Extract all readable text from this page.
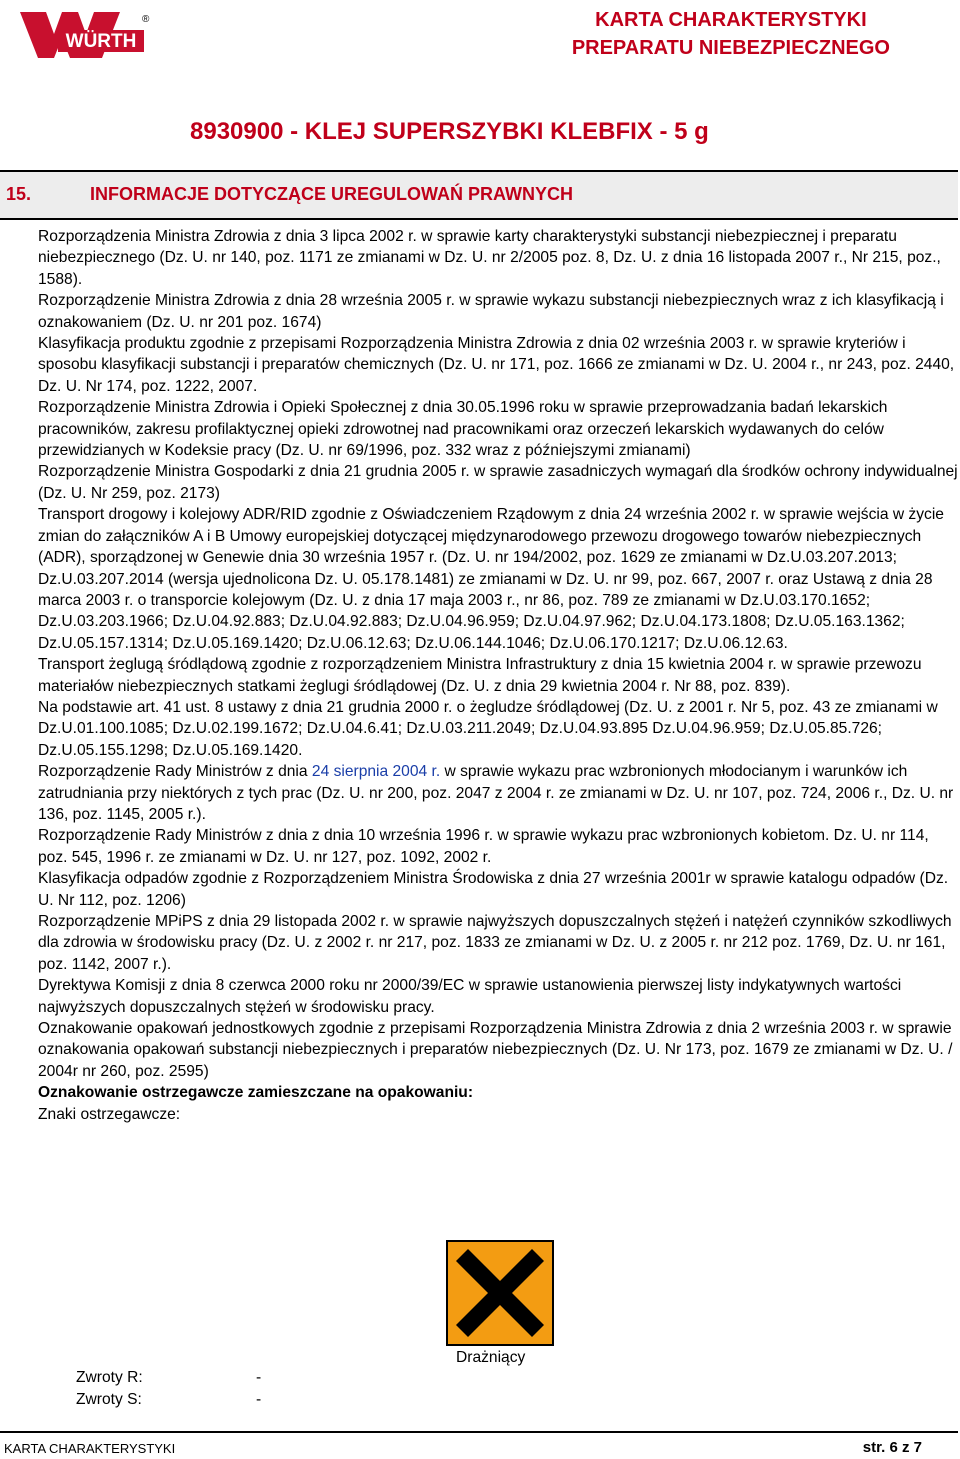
WÜRTH
®	KARTA CHARAKTERYSTYKI
PREPARATU NIEBEZPIECZNEGO
8930900 - KLEJ SUPERSZYBKI KLEBFIX - 5 g
15.	INFORMACJE DOTYCZĄCE UREGULOWAŃ PRAWNYCH

Rozporządzenia Ministra Zdrowia z dnia 3 lipca 2002 r. w sprawie karty charakterystyki substancji niebezpiecznej i preparatu niebezpiecznego (Dz. U. nr 140, poz. 1171 ze zmianami w Dz. U. nr 2/2005 poz. 8, Dz. U. z dnia 16 listopada 2007 r., Nr 215, poz., 1588).

Rozporządzenie Ministra Zdrowia z dnia 28 września 2005 r. w sprawie wykazu substancji niebezpiecznych wraz z ich klasyfikacją i oznakowaniem (Dz. U. nr 201 poz. 1674)

Klasyfikacja produktu zgodnie z przepisami Rozporządzenia Ministra Zdrowia z dnia 02 września 2003 r. w sprawie kryteriów i sposobu klasyfikacji substancji i preparatów chemicznych (Dz. U. nr 171, poz. 1666 ze zmianami w Dz. U. 2004 r., nr 243, poz. 2440, Dz. U. Nr 174, poz. 1222, 2007.

Rozporządzenie Ministra Zdrowia i Opieki Społecznej z dnia 30.05.1996 roku w sprawie przeprowadzania badań lekarskich pracowników, zakresu profilaktycznej opieki zdrowotnej nad pracownikami oraz orzeczeń lekarskich wydawanych do celów przewidzianych w Kodeksie pracy (Dz. U. nr 69/1996, poz. 332 wraz z późniejszymi zmianami)

Rozporządzenie Ministra Gospodarki z dnia 21 grudnia 2005 r. w sprawie zasadniczych wymagań dla środków ochrony indywidualnej (Dz. U. Nr 259, poz. 2173)

Transport drogowy i kolejowy ADR/RID zgodnie z Oświadczeniem Rządowym z dnia 24 września 2002 r. w sprawie wejścia w życie zmian do załączników A i B Umowy europejskiej dotyczącej międzynarodowego przewozu drogowego towarów niebezpiecznych (ADR), sporządzonej w Genewie dnia 30 września 1957 r. (Dz. U. nr 194/2002, poz. 1629 ze zmianami w Dz.U.03.207.2013; Dz.U.03.207.2014 (wersja ujednolicona Dz. U. 05.178.1481) ze zmianami w Dz. U. nr 99, poz. 667, 2007 r. oraz Ustawą z dnia 28 marca 2003 r. o transporcie kolejowym (Dz. U. z dnia 17 maja 2003 r., nr 86, poz. 789 ze zmianami w Dz.U.03.170.1652; Dz.U.03.203.1966; Dz.U.04.92.883; Dz.U.04.92.883; Dz.U.04.96.959; Dz.U.04.97.962; Dz.U.04.173.1808; Dz.U.05.163.1362; Dz.U.05.157.1314; Dz.U.05.169.1420; Dz.U.06.12.63; Dz.U.06.144.1046; Dz.U.06.170.1217; Dz.U.06.12.63.

Transport żeglugą śródlądową zgodnie z rozporządzeniem Ministra Infrastruktury z dnia 15 kwietnia 2004 r. w sprawie przewozu materiałów niebezpiecznych statkami żeglugi śródlądowej (Dz. U. z dnia 29 kwietnia 2004 r. Nr 88, poz. 839).

Na podstawie art. 41 ust. 8 ustawy z dnia 21 grudnia 2000 r. o żegludze śródlądowej (Dz. U. z 2001 r. Nr 5, poz. 43 ze zmianami w Dz.U.01.100.1085; Dz.U.02.199.1672; Dz.U.04.6.41; Dz.U.03.211.2049; Dz.U.04.93.895 Dz.U.04.96.959; Dz.U.05.85.726; Dz.U.05.155.1298; Dz.U.05.169.1420.

Rozporządzenie Rady Ministrów z dnia 24 sierpnia 2004 r. w sprawie wykazu prac wzbronionych młodocianym i warunków ich zatrudniania przy niektórych z tych prac (Dz. U. nr 200, poz. 2047 z 2004 r. ze zmianami w Dz. U. nr 107, poz. 724, 2006 r., Dz. U. nr 136, poz. 1145, 2005 r.).

Rozporządzenie Rady Ministrów z dnia z dnia 10 września 1996 r. w sprawie wykazu prac wzbronionych kobietom. Dz. U. nr 114, poz. 545, 1996 r. ze zmianami w Dz. U. nr 127, poz. 1092, 2002 r.

Klasyfikacja odpadów zgodnie z Rozporządzeniem Ministra Środowiska z dnia 27 września 2001r w sprawie katalogu odpadów (Dz. U. Nr 112, poz. 1206)

Rozporządzenie MPiPS z dnia 29 listopada 2002 r. w sprawie najwyższych dopuszczalnych stężeń i natężeń czynników szkodliwych dla zdrowia w środowisku pracy (Dz. U. z 2002 r. nr 217, poz. 1833 ze zmianami w Dz. U. z 2005 r. nr 212 poz. 1769, Dz. U. nr 161, poz. 1142, 2007 r.).

Dyrektywa Komisji z dnia 8 czerwca 2000 roku nr 2000/39/EC w sprawie ustanowienia pierwszej listy indykatywnych wartości najwyższych dopuszczalnych stężeń w środowisku pracy.

Oznakowanie opakowań jednostkowych zgodnie z przepisami Rozporządzenia Ministra Zdrowia z dnia 2 września 2003 r. w sprawie oznakowania opakowań substancji niebezpiecznych i preparatów niebezpiecznych (Dz. U. Nr 173, poz. 1679 ze zmianami w Dz. U. / 2004r nr 260, poz. 2595)

Oznakowanie ostrzegawcze zamieszczane na opakowaniu:

Znaki ostrzegawcze:

Drażniący
Zwroty R:	-
Zwroty S:	-
KARTA CHARAKTERYSTYKI	str. 6 z 7
